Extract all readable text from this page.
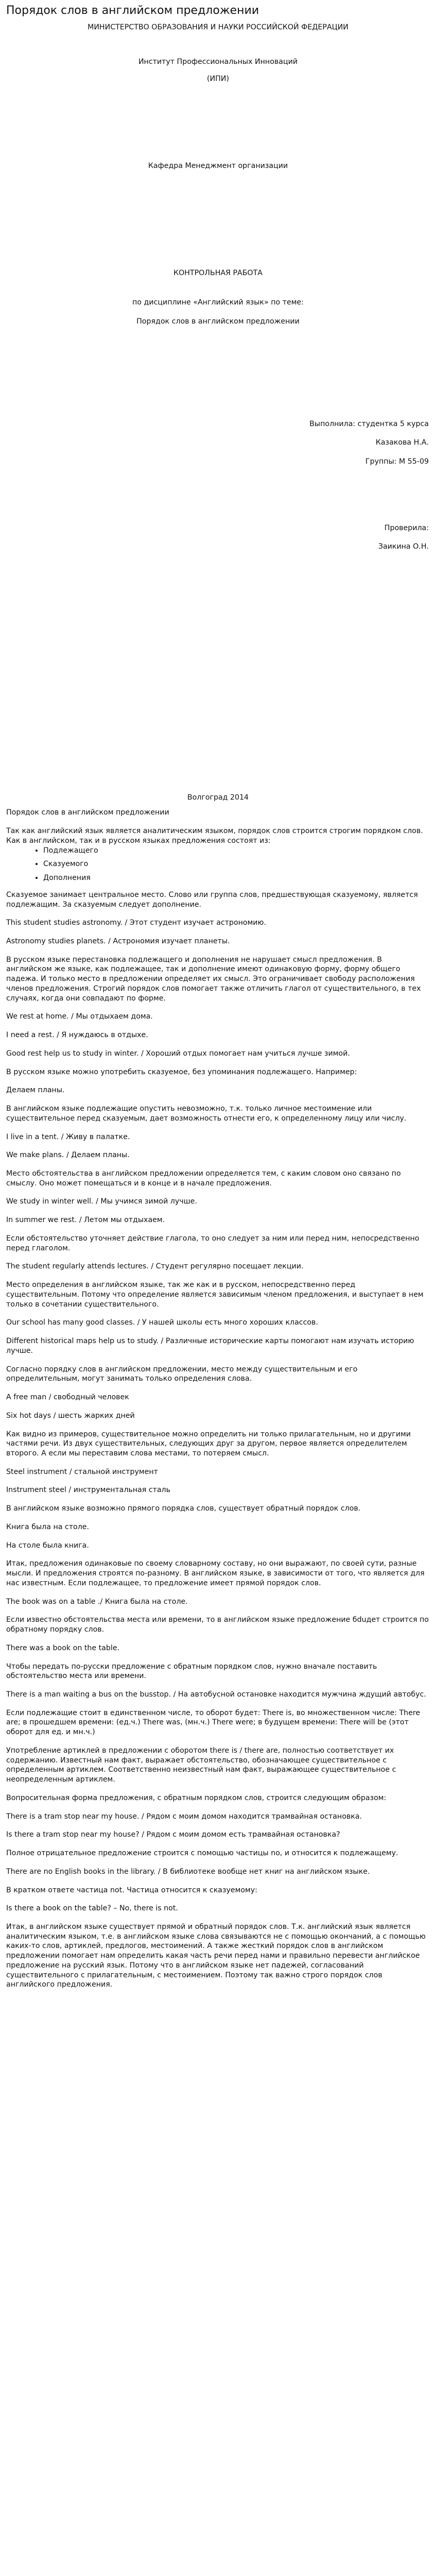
Порядок слов в английском предложении
МИНИСТЕРСТВО ОБРАЗОВАНИЯ И НАУКИ РОССИЙСКОЙ ФЕДЕРАЦИИ
Институт Профессиональных Инноваций
(ИПИ)
Кафедра Менеджмент организации
КОНТРОЛЬНАЯ РАБОТА
по дисциплине «Английский язык» по теме:
Порядок слов в английском предложении

Выполнила: студентка 5 курса

Казакова Н.А.

Группы: М 55-09

Проверила:

Заикина О.Н.

Волгоград 2014

Порядок слов в английском предложении

Так как английский язык является аналитическим языком, порядок слов строится строгим порядком слов. Как в английском, так и в русском языках предложения состоят из:

• Подлежащего
• Сказуемого
• Дополнения

Сказуемое занимает центральное место. Слово или группа слов, предшествующая сказуемому, является подлежащим. За сказуемым следует дополнение.

This student studies astronomy. / Этот студент изучает астрономию.

Astronomy studies planets. / Астрономия изучает планеты.

В русском языке перестановка подлежащего и дополнения не нарушает смысл предложения. В английском же языке, как подлежащее, так и дополнение имеют одинаковую форму, форму общего падежа. И только место в предложении определяет их смысл. Это ограничивает свободу расположения членов предложения. Строгий порядок слов помогает также отличить глагол от существительного, в тех случаях, когда они совпадают по форме.

We rest at home. / Мы отдыхаем дома.

I need a rest. / Я нуждаюсь в отдыхе.

Good rest help us to study in winter. / Хороший отдых помогает нам учиться лучше зимой.

В русском языке можно употребить сказуемое, без упоминания подлежащего. Например:

Делаем планы.

В английском языке подлежащие опустить невозможно, т.к. только личное местоимение или существительное перед сказуемым, дает возможность отнести его, к определенному лицу или числу.

I live in a tent. / Живу в палатке.

We make plans. / Делаем планы.

Место обстоятельства в английском предложении определяется тем, с каким словом оно связано по смыслу. Оно может помещаться и в конце и в начале предложения.

We study in winter well. / Мы учимся зимой лучше.

In summer we rest. / Летом мы отдыхаем.

Если обстоятельство уточняет действие глагола, то оно следует за ним или перед ним, непосредственно перед глаголом.

The student regularly attends lectures. / Студент регулярно посещает лекции.

Место определения в английском языке, так же как и в русском, непосредственно перед существительным. Потому что определение является зависимым членом предложения, и выступает в нем только в сочетании существительного.

Our school has many good classes. / У нашей школы есть много хороших классов.

Different historical maps help us to study. / Различные исторические карты помогают нам изучать историю лучше.

Согласно порядку слов в английском предложении, место между существительным и его определительным, могут занимать только определения слова.

A free man / свободный человек

Six hot days / шесть жарких дней

Как видно из примеров, существительное можно определить ни только прилагательным, но и другими частями речи. Из двух существительных, следующих друг за другом, первое является определителем второго. А если мы переставим слова местами, то потеряем смысл.

Steel instrument / стальной инструмент

Instrument steel / инструментальная сталь

В английском языке возможно прямого порядка слов, существует обратный порядок слов.

Книга была на столе.

На столе была книга.

Итак, предложения одинаковые по своему словарному составу, но они выражают, по своей сути, разные мысли. И предложения строятся по-разному. В английском языке, в зависимости от того, что является для нас известным. Если подлежащее, то предложение имеет прямой порядок слов.

The book was on a table ./ Книга была на столе.

Если известно обстоятельства места или времени, то в английском языке предложение бduдет строится по обратному порядку слов.

There was a book on the table.

Чтобы передать по-русски предложение с обратным порядком слов, нужно вначале поставить обстоятельство места или времени.

There is a man waiting a bus on the busstop. / На автобусной остановке находится мужчина ждущий автобус.

Если подлежащие стоит в единственном числе, то оборот будет: There is, во множественном числе: There are; в прошедшем времени: (ед.ч.) There was, (мн.ч.) There were; в будущем времени: There will be (этот оборот для ед. и мн.ч.)

Употребление артиклей в предложении с оборотом there is / there are, полностью соответствует их содержанию. Известный нам факт, выражает обстоятельство, обозначающее существительное с определенным артиклем. Соответственно неизвестный нам факт, выражающее существительное с неопределенным артиклем.

Вопросительная форма предложения, с обратным порядком слов, строится следующим образом:

There is a tram stop near my house. / Рядом с моим домом находится трамвайная остановка.

Is there a tram stop near my house? / Рядом с моим домом есть трамвайная остановка?

Полное отрицательное предложение строится с помощью частицы no, и относится к подлежащему.

There are no English books in the library. / В библиотеке вообще нет книг на английском языке.

В кратком ответе частица not. Частица относится к сказуемому:

Is there a book on the table? – No, there is not.

Итак, в английском языке существует прямой и обратный порядок слов. Т.к. английский язык является аналитическим языком, т.е. в английском языке слова связываются не с помощью окончаний, а с помощью каких-то слов, артиклей, предлогов, местоимений. А также жесткий порядок слов в английском предложении помогает нам определить какая часть речи перед нами и правильно перевести английское предложение на русский язык. Потому что в английском языке нет падежей, согласований существительного с прилагательным, с местоимением. Поэтому так важно строго порядок слов английского предложения.
